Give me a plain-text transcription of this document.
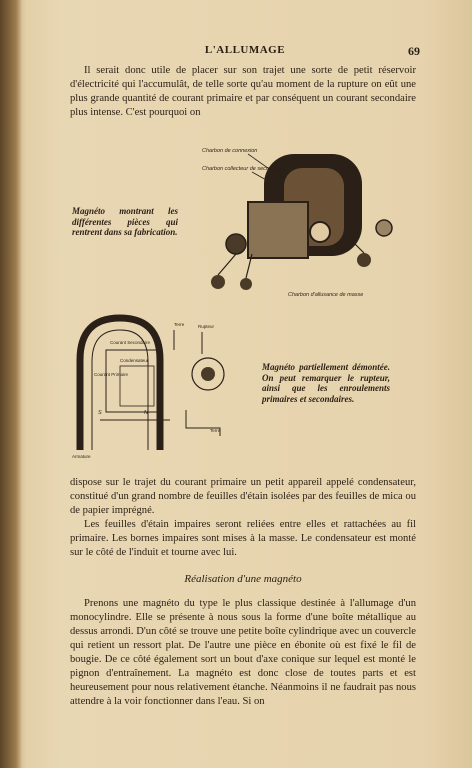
L'ALLUMAGE	69

Il serait donc utile de placer sur son trajet une sorte de petit réservoir d'électricité qui l'accumulât, de telle sorte qu'au moment de la rupture on eût une plus grande quantité de courant primaire et par conséquent un courant secondaire plus intense. C'est pourquoi on

Charbon de connexion
Charbon collecteur de secondaire
Charbon d'allusance de masse
Magnéto montrant les différentes pièces qui rentrent dans sa fabrication.
Courant Secondaire
Condensateur
Courant Primaire
Terre	Rupteur
Terre
Armature
S	N
Magnéto partiellement démontée. On peut remarquer le rupteur, ainsi que les enroulements primaires et secondaires.

dispose sur le trajet du courant primaire un petit appareil appelé condensateur, constitué d'un grand nombre de feuilles d'étain isolées par des feuilles de mica ou de papier imprégné.

Les feuilles d'étain impaires seront reliées entre elles et rattachées au fil primaire. Les bornes impaires sont mises à la masse. Le condensateur est monté sur le côté de l'induit et tourne avec lui.

Réalisation d'une magnéto

Prenons une magnéto du type le plus classique destinée à l'allumage d'un monocylindre. Elle se présente à nous sous la forme d'une boîte métallique au dessus arrondi. D'un côté se trouve une petite boîte cylindrique avec un couvercle qui retient un ressort plat. De l'autre une pièce en ébonite où est fixé le fil de bougie. De ce côté également sort un bout d'axe conique sur lequel est monté le pignon d'entraînement. La magnéto est donc close de toutes parts et est heureusement pour nous relativement étanche. Néanmoins il ne faudrait pas nous attendre à la voir fonctionner dans l'eau. Si on
